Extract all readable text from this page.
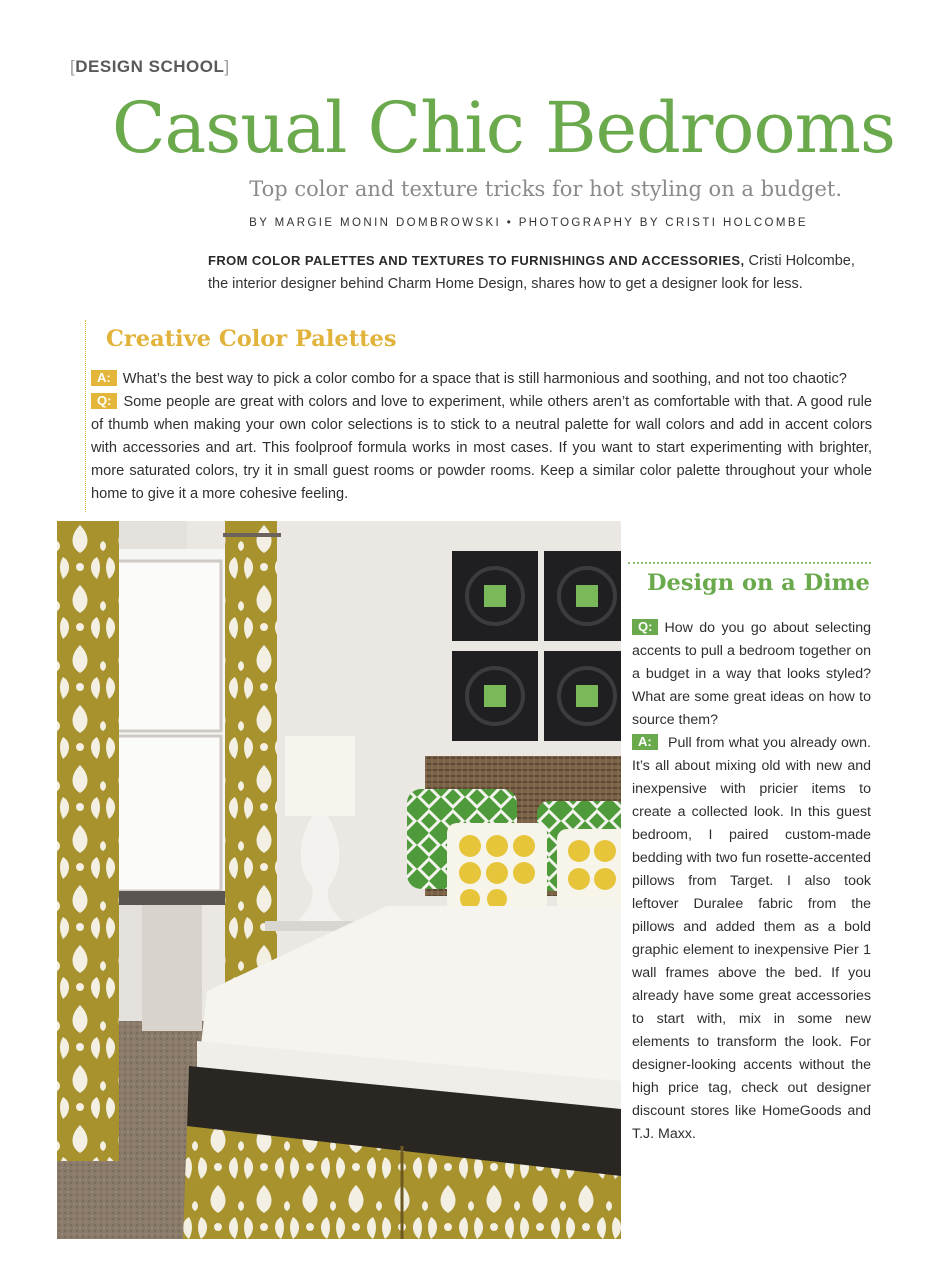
[DESIGN SCHOOL]
Casual Chic Bedrooms
Top color and texture tricks for hot styling on a budget.
BY MARGIE MONIN DOMBROWSKI • PHOTOGRAPHY BY CRISTI HOLCOMBE

FROM COLOR PALETTES AND TEXTURES TO FURNISHINGS AND ACCESSORIES, Cristi Holcombe, the interior designer behind Charm Home Design, shares how to get a designer look for less.

Creative Color Palettes

A: What’s the best way to pick a color combo for a space that is still harmonious and soothing, and not too chaotic?

Q: Some people are great with colors and love to experiment, while others aren’t as comfortable with that. A good rule of thumb when making your own color selections is to stick to a neutral palette for wall colors and add in accent colors with accessories and art. This foolproof formula works in most cases. If you want to start experimenting with brighter, more saturated colors, try it in small guest rooms or powder rooms. Keep a similar color palette throughout your whole home to give it a more cohesive feeling.

Design on a Dime

Q: How do you go about selecting accents to pull a bedroom together on a budget in a way that looks styled? What are some great ideas on how to source them?

A: Pull from what you already own. It’s all about mixing old with new and inexpensive with pricier items to create a collected look. In this guest bedroom, I paired custom-made bedding with two fun rosette-accented pillows from Target. I also took leftover Duralee fabric from the pillows and added them as a bold graphic element to inexpensive Pier 1 wall frames above the bed. If you already have some great accessories to start with, mix in some new elements to transform the look. For designer-looking accents without the high price tag, check out designer discount stores like HomeGoods and T.J. Maxx.
